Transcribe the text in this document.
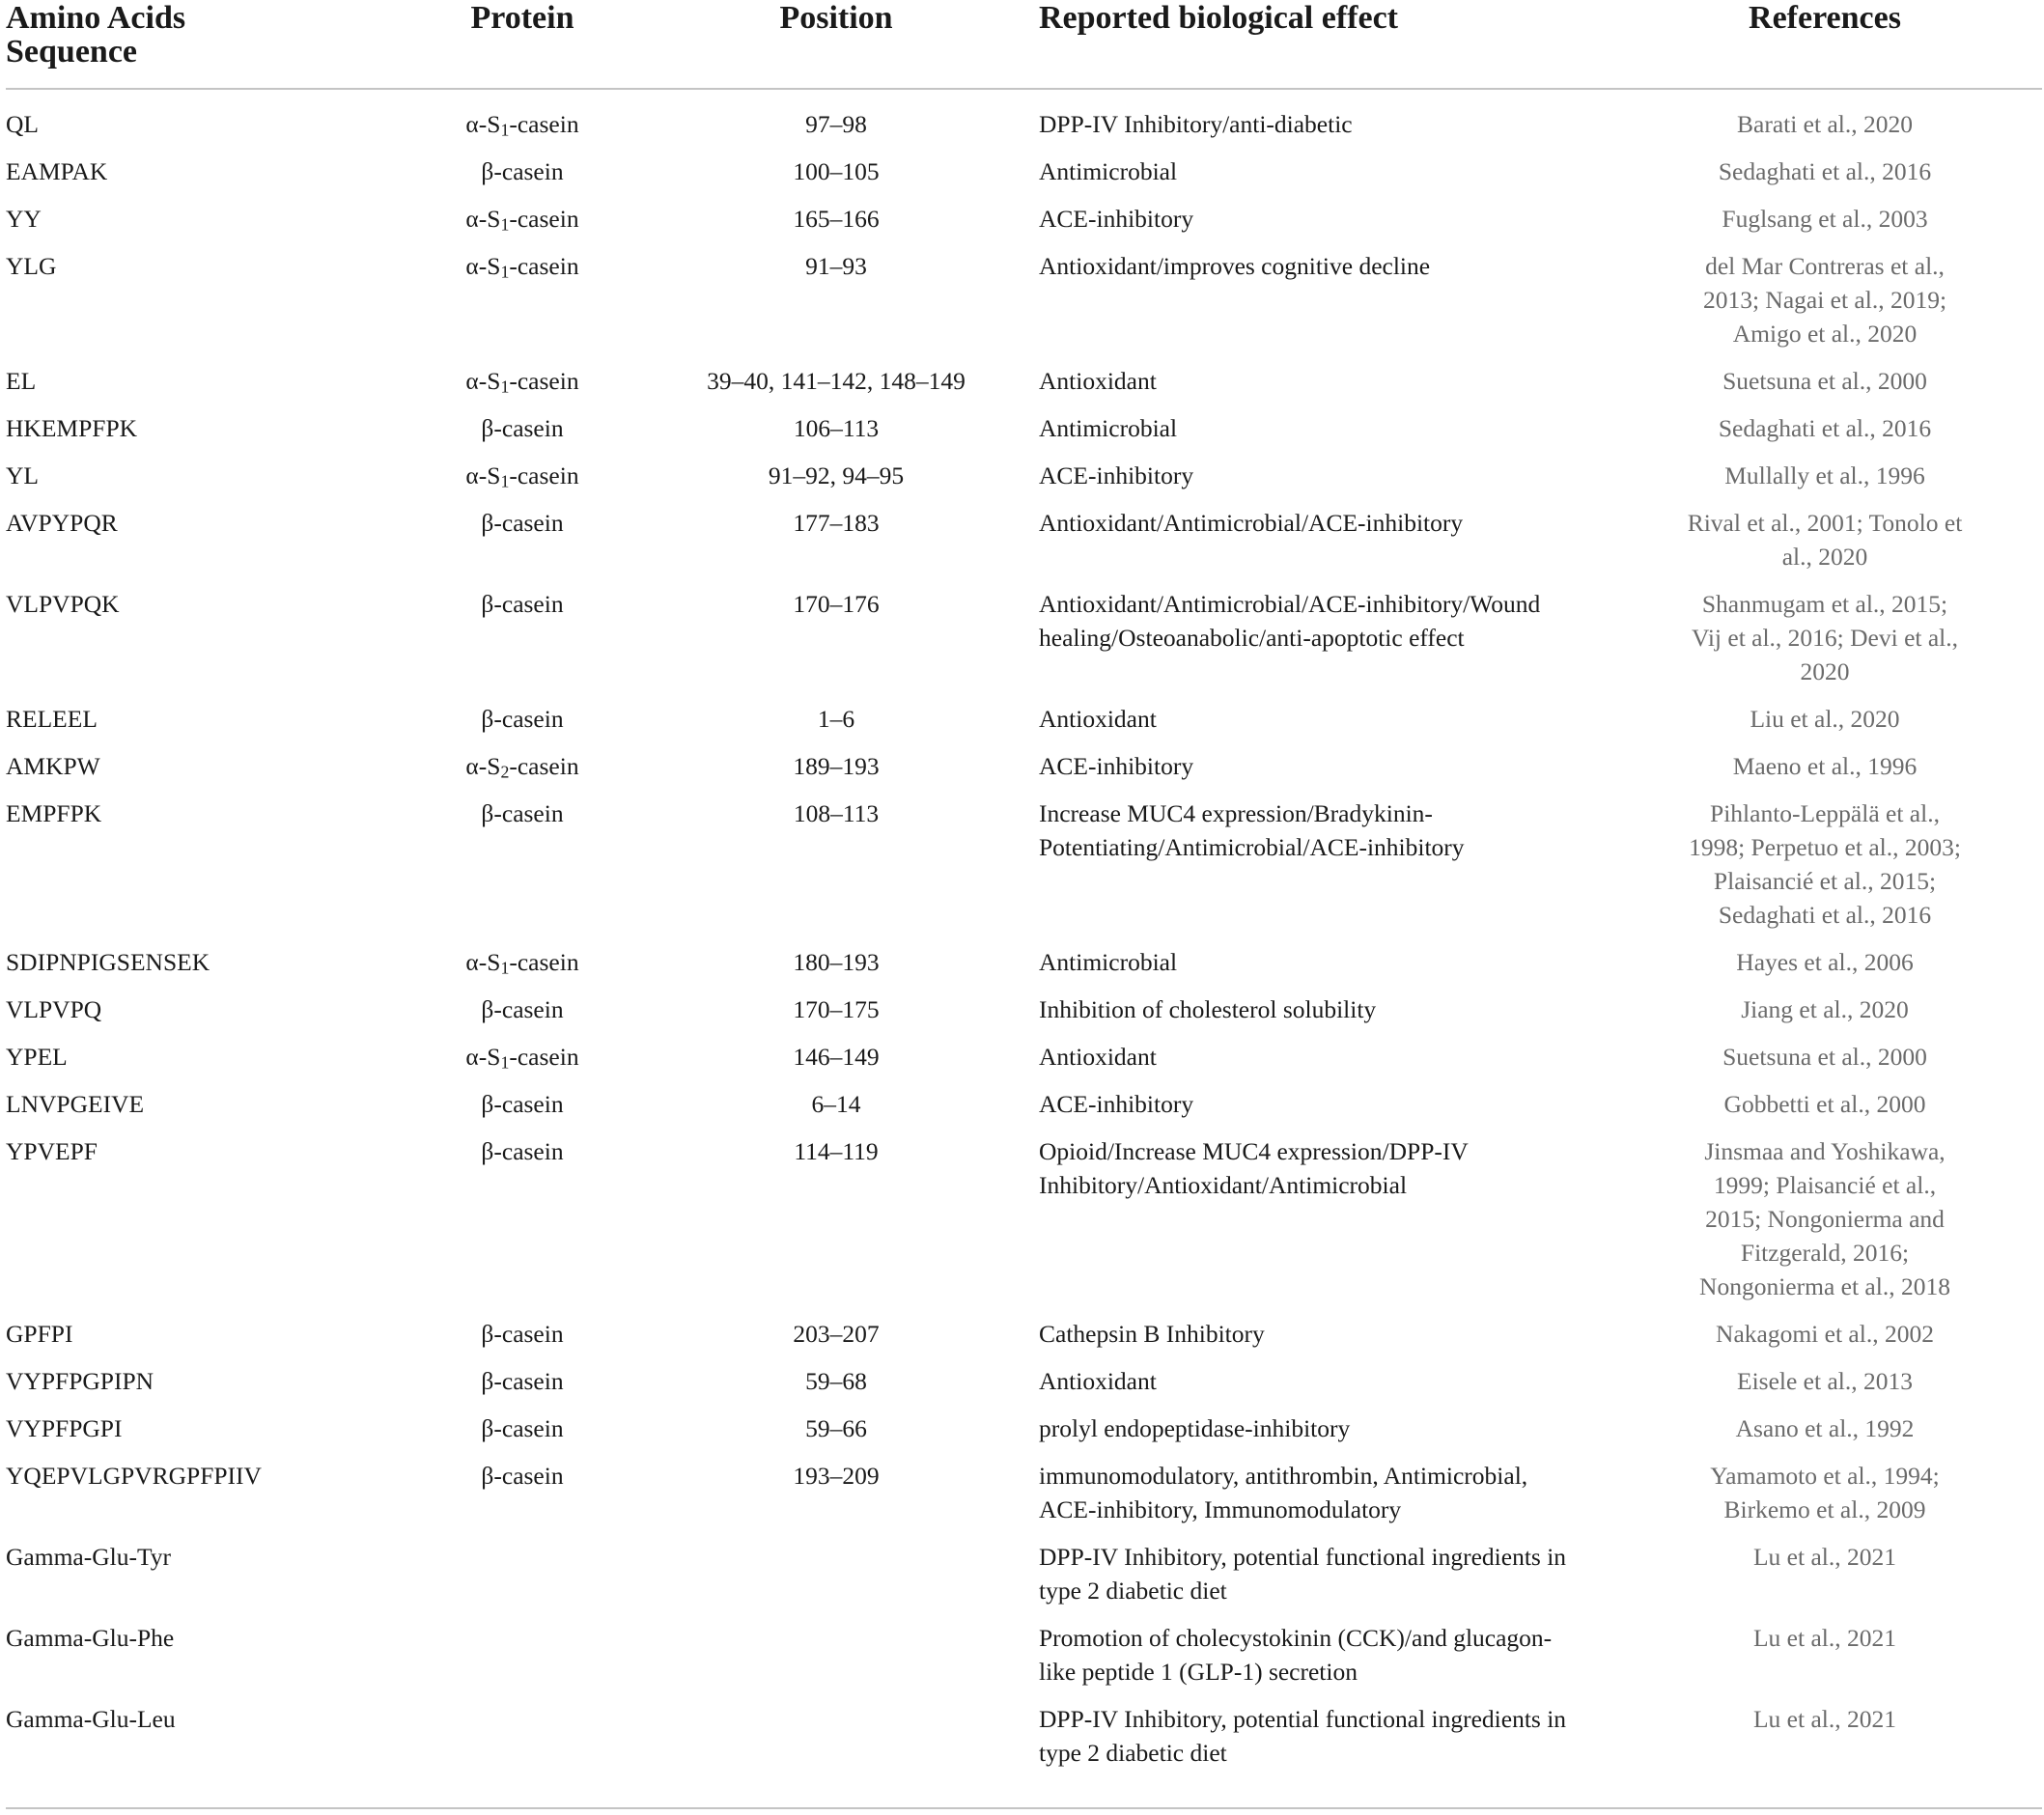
Amino Acids Sequence	Protein	Position	Reported biological effect	References
QL	$\alpha-S_1$-casein	97–98	DPP-IV Inhibitory/anti-diabetic	Barati et al., 2020
EAMPAK	β-casein	100–105	Antimicrobial	Sedaghati et al., 2016
YY	$\alpha-S_1$-casein	165–166	ACE-inhibitory	Fuglsang et al., 2003
YLG	$\alpha-S_1$-casein	91–93	Antioxidant/improves cognitive decline	del Mar Contreras et al., 2013; Nagai et al., 2019; Amigo et al., 2020
EL	$\alpha-S_1$-casein	39–40, 141–142, 148–149	Antioxidant	Suetsuna et al., 2000
HKEMPFPK	β-casein	106–113	Antimicrobial	Sedaghati et al., 2016
YL	$\alpha-S_1$-casein	91–92, 94–95	ACE-inhibitory	Mullally et al., 1996
AVPYPQR	β-casein	177–183	Antioxidant/Antimicrobial/ACE-inhibitory	Rival et al., 2001; Tonolo et al., 2020
VLPVPQK	β-casein	170–176	Antioxidant/Antimicrobial/ACE-inhibitory/Wound healing/Osteoanabolic/anti-apoptotic effect	Shanmugam et al., 2015; Vij et al., 2016; Devi et al., 2020
RELEEL	β-casein	1–6	Antioxidant	Liu et al., 2020
AMKPW	$\alpha-S_2$-casein	189–193	ACE-inhibitory	Maeno et al., 1996
EMPFPK	β-casein	108–113	Increase MUC4 expression/Bradykinin-Potentiating/Antimicrobial/ACE-inhibitory	Pihlanto-Leppälä et al., 1998; Perpetuo et al., 2003; Plaisancié et al., 2015; Sedaghati et al., 2016
SDIPNPIGSENSEK	$\alpha-S_1$-casein	180–193	Antimicrobial	Hayes et al., 2006
VLPVPQ	β-casein	170–175	Inhibition of cholesterol solubility	Jiang et al., 2020
YPEL	$\alpha-S_1$-casein	146–149	Antioxidant	Suetsuna et al., 2000
LNVPGEIVE	β-casein	6–14	ACE-inhibitory	Gobbetti et al., 2000
YPVEPF	β-casein	114–119	Opioid/Increase MUC4 expression/DPP-IV Inhibitory/Antioxidant/Antimicrobial	Jinsmaa and Yoshikawa, 1999; Plaisancié et al., 2015; Nongonierma and Fitzgerald, 2016; Nongonierma et al., 2018
GPFPI	β-casein	203–207	Cathepsin B Inhibitory	Nakagomi et al., 2002
VYPFPGPIPN	β-casein	59–68	Antioxidant	Eisele et al., 2013
VYPFPGPI	β-casein	59–66	prolyl endopeptidase-inhibitory	Asano et al., 1992
YQEPVLGPVRGPFPIIV	β-casein	193–209	immunomodulatory, antithrombin, Antimicrobial, ACE-inhibitory, Immunomodulatory	Yamamoto et al., 1994; Birkemo et al., 2009
Gamma-Glu-Tyr			DPP-IV Inhibitory, potential functional ingredients in type 2 diabetic diet	Lu et al., 2021
Gamma-Glu-Phe			Promotion of cholecystokinin (CCK)/and glucagon-like peptide 1 (GLP-1) secretion	Lu et al., 2021
Gamma-Glu-Leu			DPP-IV Inhibitory, potential functional ingredients in type 2 diabetic diet	Lu et al., 2021
